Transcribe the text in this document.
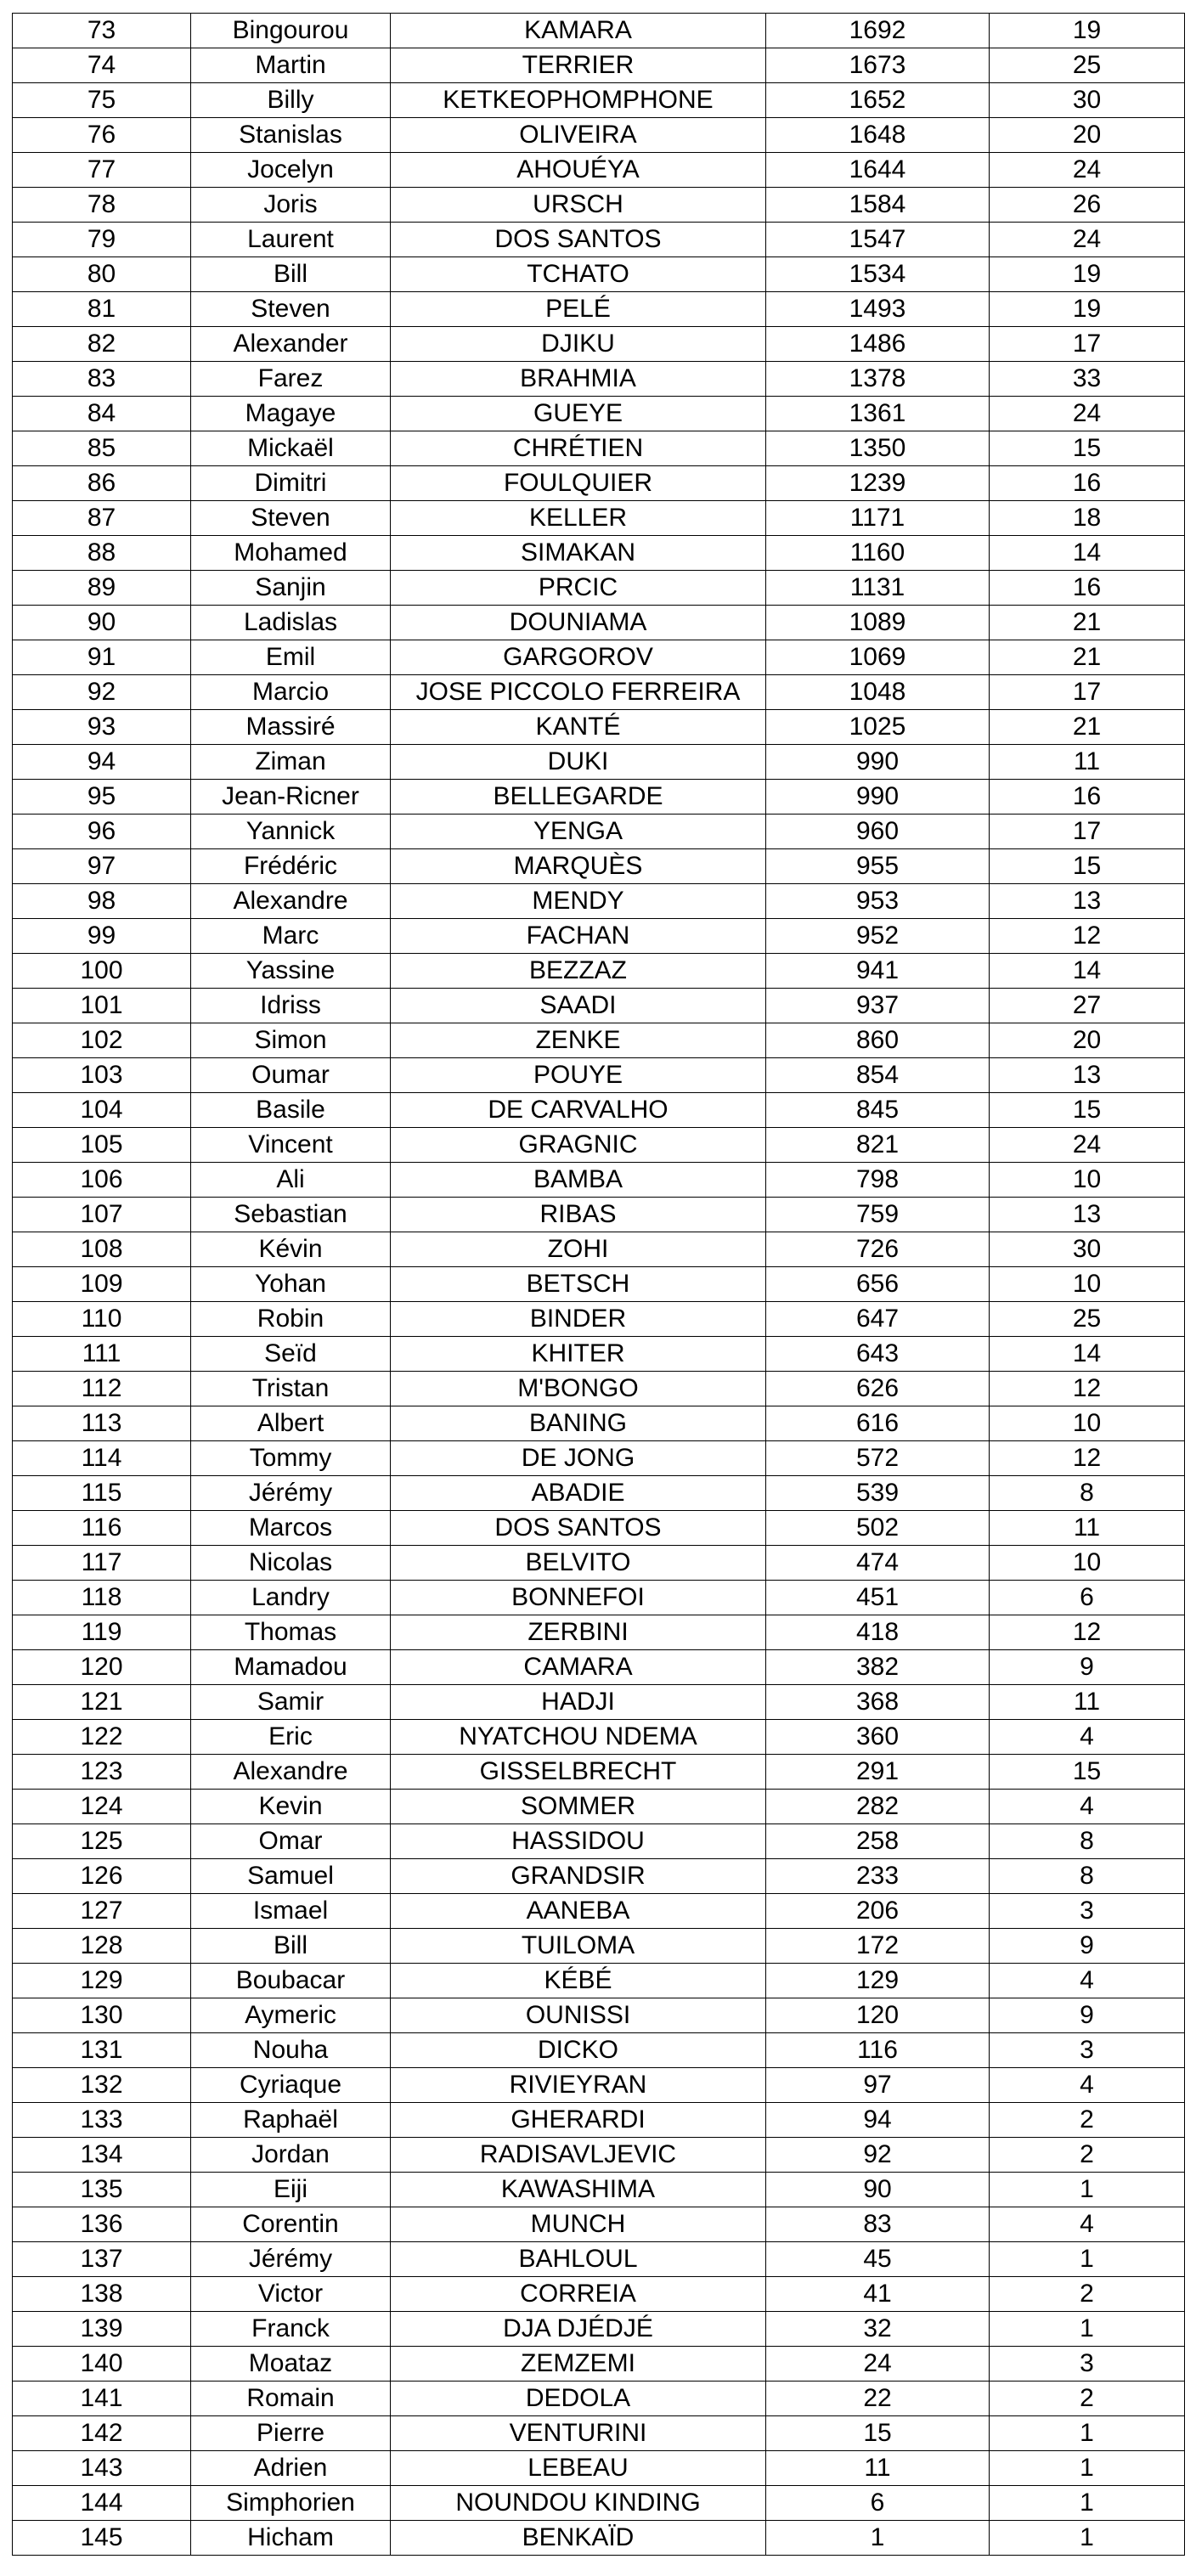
73	Bingourou	KAMARA	1692	19
74	Martin	TERRIER	1673	25
75	Billy	KETKEOPHOMPHONE	1652	30
76	Stanislas	OLIVEIRA	1648	20
77	Jocelyn	AHOUÉYA	1644	24
78	Joris	URSCH	1584	26
79	Laurent	DOS SANTOS	1547	24
80	Bill	TCHATO	1534	19
81	Steven	PELÉ	1493	19
82	Alexander	DJIKU	1486	17
83	Farez	BRAHMIA	1378	33
84	Magaye	GUEYE	1361	24
85	Mickaël	CHRÉTIEN	1350	15
86	Dimitri	FOULQUIER	1239	16
87	Steven	KELLER	1171	18
88	Mohamed	SIMAKAN	1160	14
89	Sanjin	PRCIC	1131	16
90	Ladislas	DOUNIAMA	1089	21
91	Emil	GARGOROV	1069	21
92	Marcio	JOSE PICCOLO FERREIRA	1048	17
93	Massiré	KANTÉ	1025	21
94	Ziman	DUKI	990	11
95	Jean-Ricner	BELLEGARDE	990	16
96	Yannick	YENGA	960	17
97	Frédéric	MARQUÈS	955	15
98	Alexandre	MENDY	953	13
99	Marc	FACHAN	952	12
100	Yassine	BEZZAZ	941	14
101	Idriss	SAADI	937	27
102	Simon	ZENKE	860	20
103	Oumar	POUYE	854	13
104	Basile	DE CARVALHO	845	15
105	Vincent	GRAGNIC	821	24
106	Ali	BAMBA	798	10
107	Sebastian	RIBAS	759	13
108	Kévin	ZOHI	726	30
109	Yohan	BETSCH	656	10
110	Robin	BINDER	647	25
111	Seïd	KHITER	643	14
112	Tristan	M'BONGO	626	12
113	Albert	BANING	616	10
114	Tommy	DE JONG	572	12
115	Jérémy	ABADIE	539	8
116	Marcos	DOS SANTOS	502	11
117	Nicolas	BELVITO	474	10
118	Landry	BONNEFOI	451	6
119	Thomas	ZERBINI	418	12
120	Mamadou	CAMARA	382	9
121	Samir	HADJI	368	11
122	Eric	NYATCHOU NDEMA	360	4
123	Alexandre	GISSELBRECHT	291	15
124	Kevin	SOMMER	282	4
125	Omar	HASSIDOU	258	8
126	Samuel	GRANDSIR	233	8
127	Ismael	AANEBA	206	3
128	Bill	TUILOMA	172	9
129	Boubacar	KÉBÉ	129	4
130	Aymeric	OUNISSI	120	9
131	Nouha	DICKO	116	3
132	Cyriaque	RIVIEYRAN	97	4
133	Raphaël	GHERARDI	94	2
134	Jordan	RADISAVLJEVIC	92	2
135	Eiji	KAWASHIMA	90	1
136	Corentin	MUNCH	83	4
137	Jérémy	BAHLOUL	45	1
138	Victor	CORREIA	41	2
139	Franck	DJA DJÉDJÉ	32	1
140	Moataz	ZEMZEMI	24	3
141	Romain	DEDOLA	22	2
142	Pierre	VENTURINI	15	1
143	Adrien	LEBEAU	11	1
144	Simphorien	NOUNDOU KINDING	6	1
145	Hicham	BENKAÏD	1	1
